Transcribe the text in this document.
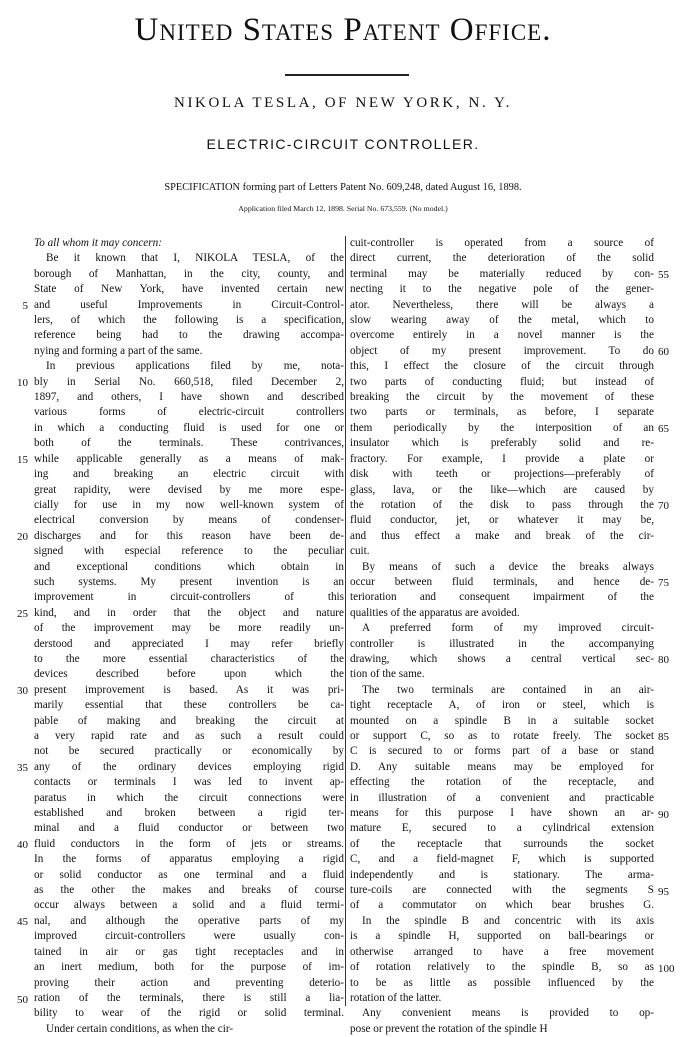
United States Patent Office.
NIKOLA TESLA, OF NEW YORK, N. Y.
ELECTRIC-CIRCUIT CONTROLLER.
SPECIFICATION forming part of Letters Patent No. 609,248, dated August 16, 1898.
Application filed March 12, 1898. Serial No. 673,559. (No model.)
To all whom it may concern:
Be it known that I, NIKOLA TESLA, of the
borough of Manhattan, in the city, county, and
State of New York, have invented certain new
and useful Improvements in Circuit-Control-
lers, of which the following is a specification,
reference being had to the drawing accompa-
nying and forming a part of the same.
In previous applications filed by me, nota-
bly in Serial No. 660,518, filed December 2,
1897, and others, I have shown and described
various forms of electric-circuit controllers
in which a conducting fluid is used for one or
both of the terminals. These contrivances,
while applicable generally as a means of mak-
ing and breaking an electric circuit with
great rapidity, were devised by me more espe-
cially for use in my now well-known system of
electrical conversion by means of condenser-
discharges and for this reason have been de-
signed with especial reference to the peculiar
and exceptional conditions which obtain in
such systems. My present invention is an
improvement in circuit-controllers of this
kind, and in order that the object and nature
of the improvement may be more readily un-
derstood and appreciated I may refer briefly
to the more essential characteristics of the
devices described before upon which the
present improvement is based. As it was pri-
marily essential that these controllers be ca-
pable of making and breaking the circuit at
a very rapid rate and as such a result could
not be secured practically or economically by
any of the ordinary devices employing rigid
contacts or terminals I was led to invent ap-
paratus in which the circuit connections were
established and broken between a rigid ter-
minal and a fluid conductor or between two
fluid conductors in the form of jets or streams.
In the forms of apparatus employing a rigid
or solid conductor as one terminal and a fluid
as the other the makes and breaks of course
occur always between a solid and a fluid termi-
nal, and although the operative parts of my
improved circuit-controllers were usually con-
tained in air or gas tight receptacles and in
an inert medium, both for the purpose of im-
proving their action and preventing deterio-
ration of the terminals, there is still a lia-
bility to wear of the rigid or solid terminal.
Under certain conditions, as when the cir-
cuit-controller is operated from a source of
direct current, the deterioration of the solid
terminal may be materially reduced by con-
necting it to the negative pole of the gener-
ator. Nevertheless, there will be always a
slow wearing away of the metal, which to
overcome entirely in a novel manner is the
object of my present improvement. To do
this, I effect the closure of the circuit through
two parts of conducting fluid; but instead of
breaking the circuit by the movement of these
two parts or terminals, as before, I separate
them periodically by the interposition of an
insulator which is preferably solid and re-
fractory. For example, I provide a plate or
disk with teeth or projections—preferably of
glass, lava, or the like—which are caused by
the rotation of the disk to pass through the
fluid conductor, jet, or whatever it may be,
and thus effect a make and break of the cir-
cuit.
By means of such a device the breaks always
occur between fluid terminals, and hence de-
terioration and consequent impairment of the
qualities of the apparatus are avoided.
A preferred form of my improved circuit-
controller is illustrated in the accompanying
drawing, which shows a central vertical sec-
tion of the same.
The two terminals are contained in an air-
tight receptacle A, of iron or steel, which is
mounted on a spindle B in a suitable socket
or support C, so as to rotate freely. The socket
C is secured to or forms part of a base or stand
D. Any suitable means may be employed for
effecting the rotation of the receptacle, and
in illustration of a convenient and practicable
means for this purpose I have shown an ar-
mature E, secured to a cylindrical extension
of the receptacle that surrounds the socket
C, and a field-magnet F, which is supported
independently and is stationary. The arma-
ture-coils are connected with the segments S
of a commutator on which bear brushes G.
In the spindle B and concentric with its axis
is a spindle H, supported on ball-bearings or
otherwise arranged to have a free movement
of rotation relatively to the spindle B, so as
to be as little as possible influenced by the
rotation of the latter.
Any convenient means is provided to op-
pose or prevent the rotation of the spindle H
5
10
15
20
25
30
35
40
45
50
55
60
65
70
75
80
85
90
95
100
